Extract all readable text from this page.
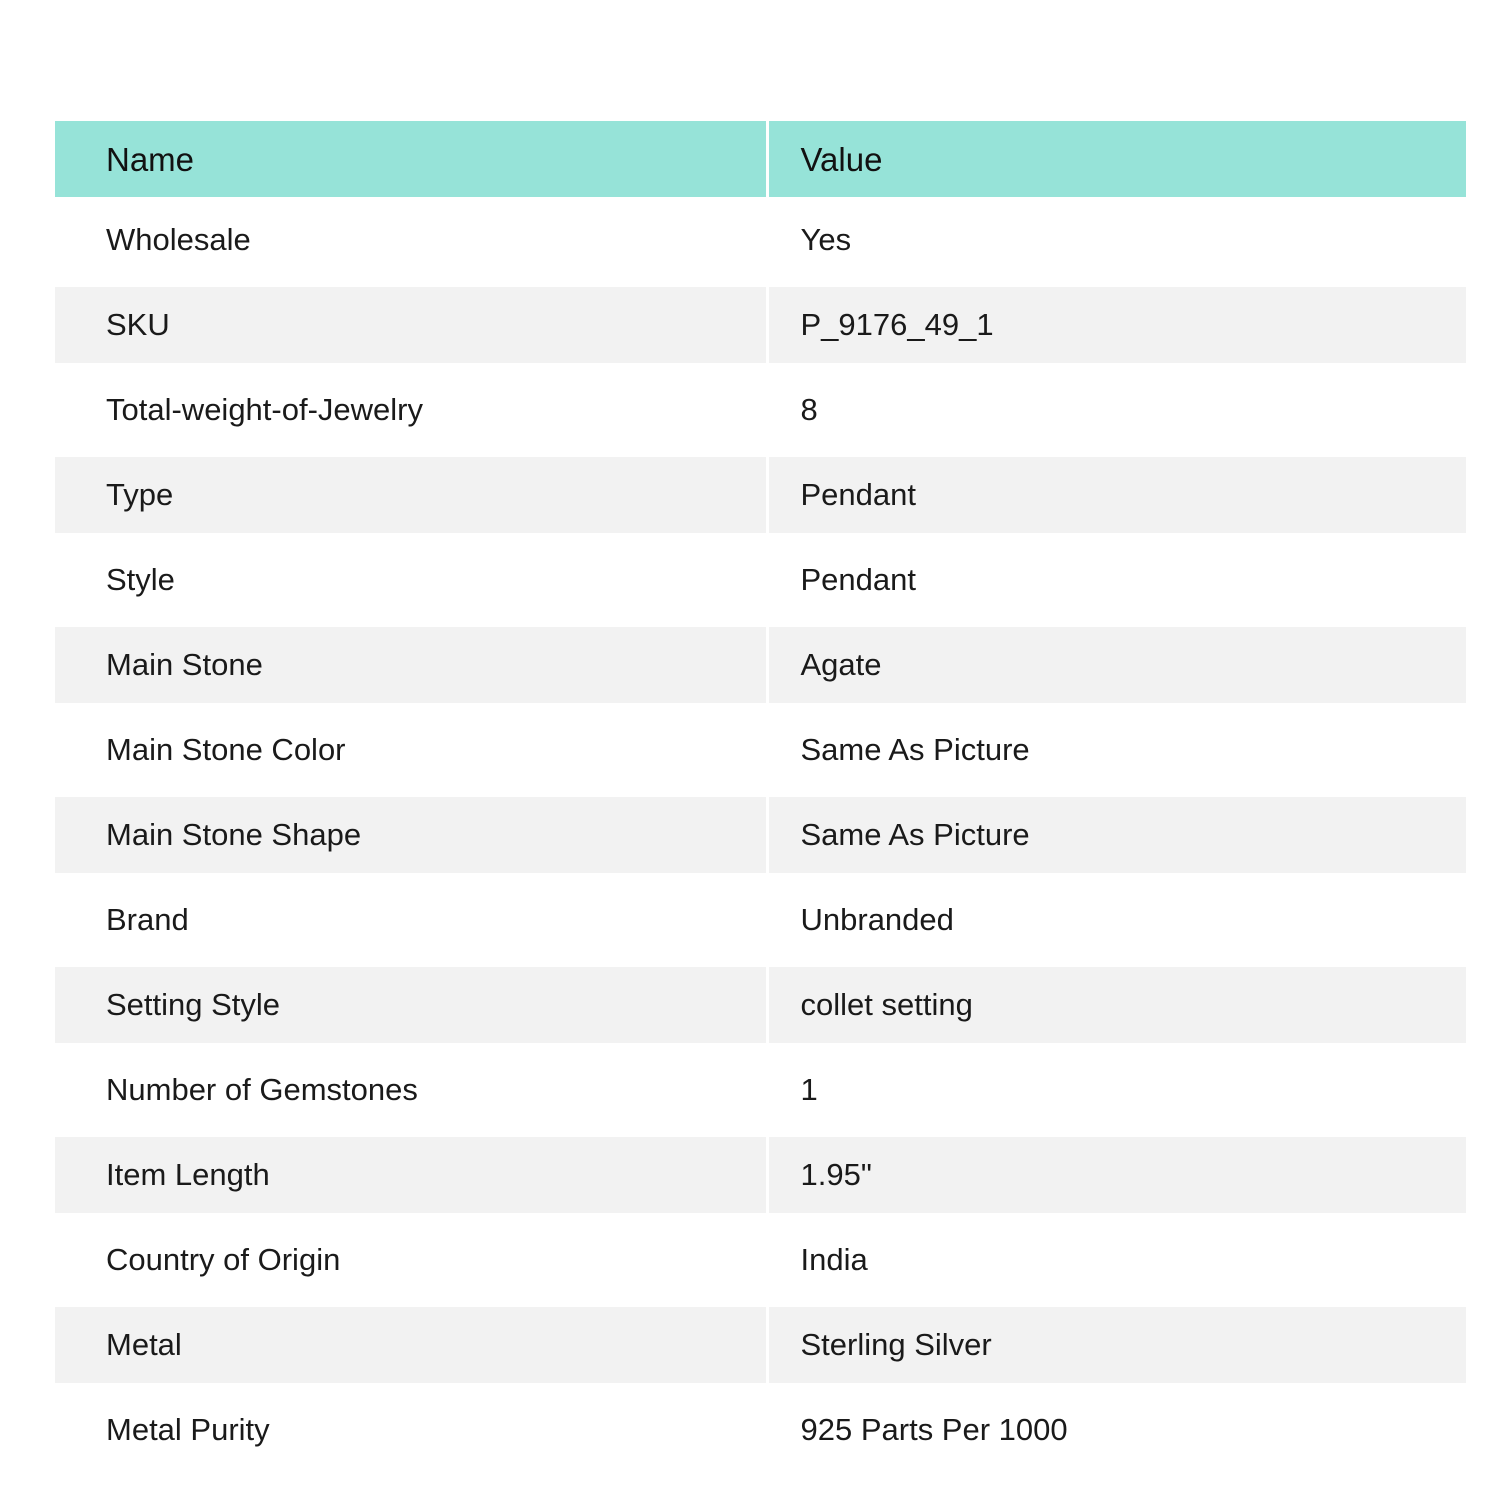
Name	Value
Wholesale	Yes
SKU	P_9176_49_1
Total-weight-of-Jewelry	8
Type	Pendant
Style	Pendant
Main Stone	Agate
Main Stone Color	Same As Picture
Main Stone Shape	Same As Picture
Brand	Unbranded
Setting Style	collet setting
Number of Gemstones	1
Item Length	1.95"
Country of Origin	India
Metal	Sterling Silver
Metal Purity	925 Parts Per 1000
